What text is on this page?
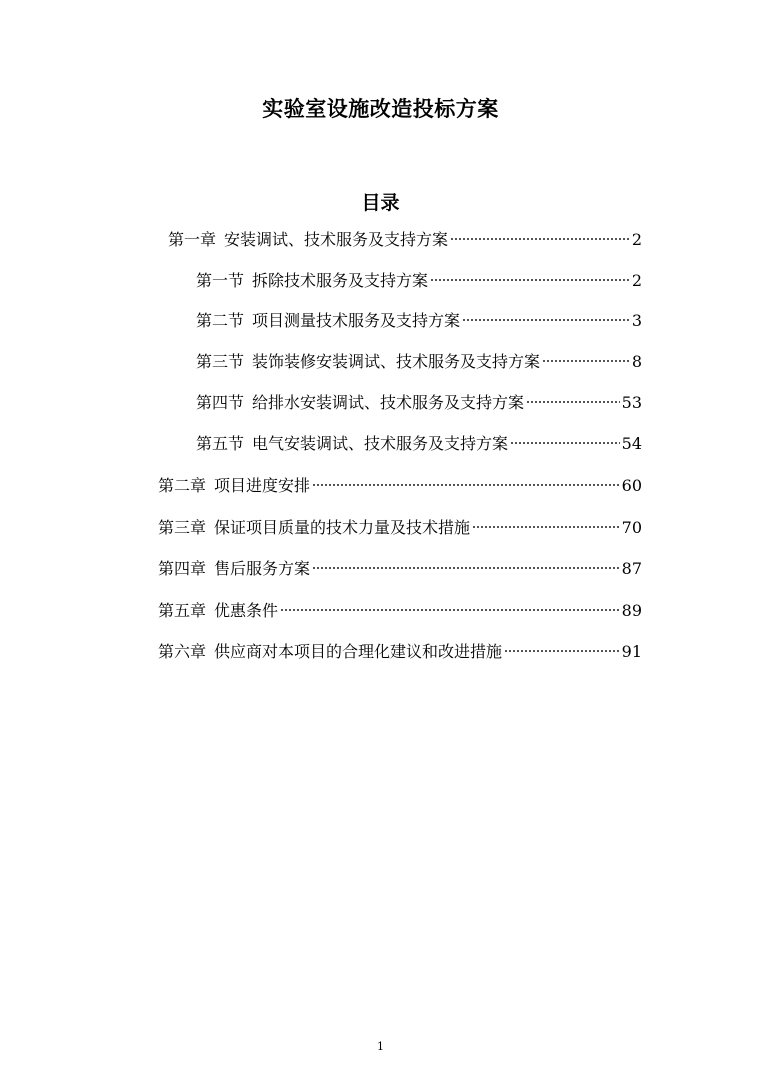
实验室设施改造投标方案
目录
第一章 安装调试、技术服务及支持方案	2
第一节 拆除技术服务及支持方案	2
第二节 项目测量技术服务及支持方案	3
第三节 装饰装修安装调试、技术服务及支持方案	8
第四节 给排水安装调试、技术服务及支持方案	53
第五节 电气安装调试、技术服务及支持方案	54
第二章 项目进度安排	60
第三章 保证项目质量的技术力量及技术措施	70
第四章 售后服务方案	87
第五章 优惠条件	89
第六章 供应商对本项目的合理化建议和改进措施	91
1
